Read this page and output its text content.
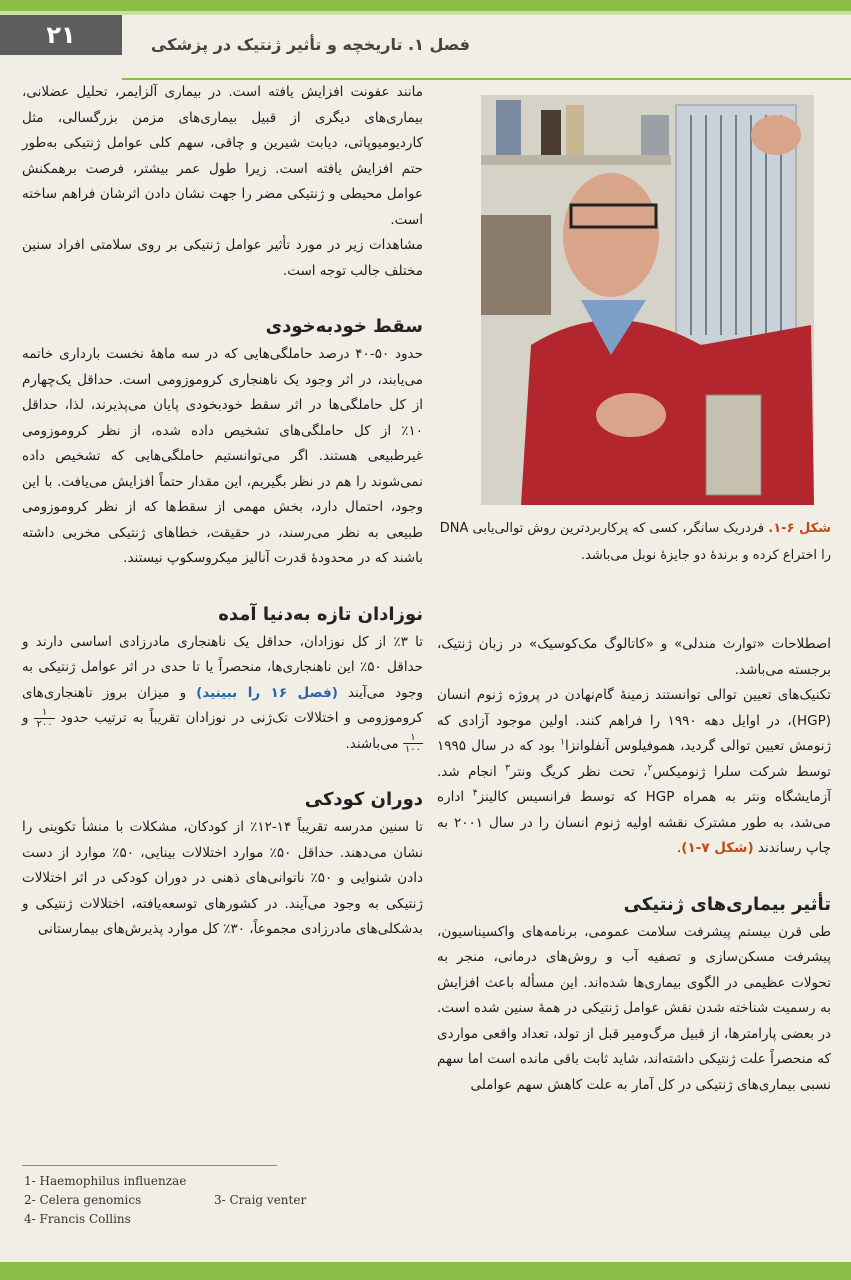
۲۱	فصل ۱. تاریخچه و تأثیر ژنتیک در پزشکی

مانند عفونت افزایش یافته است. در بیماری آلزایمر، تحلیل عضلانی، بیماری‌های دیگری از قبیل بیماری‌های مزمن بزرگسالی، مثل کاردیومیوپاتی، دیابت شیرین و چاقی، سهم کلی عوامل ژنتیکی به‌طور حتم افزایش یافته است. زیرا طول عمر بیشتر، فرصت برهمکنش عوامل محیطی و ژنتیکی مضر را جهت نشان دادن اثرشان فراهم ساخته است.

مشاهدات زیر در مورد تأثیر عوامل ژنتیکی بر روی سلامتی افراد سنین مختلف جالب توجه است.

سقط خودبه‌خودی

حدود ۵۰-۴۰ درصد حاملگی‌هایی که در سه ماههٔ نخست بارداری خاتمه می‌یابند، در اثر وجود یک ناهنجاری کروموزومی است. حداقل یک‌چهارم از کل حاملگی‌ها در اثر سقط خودبخودی پایان می‌پذیرند، لذا، حداقل ۱۰٪ از کل حاملگی‌های تشخیص داده شده، از نظر کروموزومی غیرطبیعی هستند. اگر می‌توانستیم حاملگی‌هایی که تشخیص داده نمی‌شوند را هم در نظر بگیریم، این مقدار حتماً افزایش می‌یافت. با این وجود، احتمال دارد، بخش مهمی از سقط‌ها که از نظر کروموزومی طبیعی به نظر می‌رسند، در حقیقت، خطاهای ژنتیکی مخربی داشته باشند که در محدودهٔ قدرت آنالیز میکروسکوپ نیستند.

نوزادان تازه به‌دنیا آمده

تا ۳٪ از کل نوزادان، حداقل یک ناهنجاری مادرزادی اساسی دارند و حداقل ۵۰٪ این ناهنجاری‌ها، منحصراً یا تا حدی در اثر عوامل ژنتیکی به وجود می‌آیند (فصل ۱۶ را ببینید) و میزان بروز ناهنجاری‌های کروموزومی و اختلالات تک‌ژنی در نوزادان تقریباً به ترتیب حدود
$\frac{۱}{۲۰۰}$
و
$\frac{۱}{۱۰۰}$
می‌باشند.

دوران کودکی

تا سنین مدرسه تقریباً ۱۴-۱۲٪ از کودکان، مشکلات با منشأ تکوینی را نشان می‌دهند. حداقل ۵۰٪ موارد اختلالات بینایی، ۵۰٪ موارد از دست دادن شنوایی و ۵۰٪ ناتوانی‌های ذهنی در دوران کودکی در اثر اختلالات ژنتیکی به وجود می‌آیند. در کشورهای توسعه‌یافته، اختلالات ژنتیکی و بدشکلی‌های مادرزادی مجموعاً، ۳۰٪ کل موارد پذیرش‌های بیمارستانی

شکل ۶-۱. فردریک سانگر، کسی که پرکاربردترین روش توالی‌یابی DNA را اختراع کرده و برندهٔ دو جایزهٔ نوبل می‌باشد.

اصطلاحات «توارث مندلی» و «کاتالوگ مک‌کوسیک» در زبان ژنتیک، برجسته می‌باشد.

تکنیک‌های تعیین توالی توانستند زمینهٔ گام‌نهادن در پروژه ژنوم انسان (HGP)، در اوایل دهه ۱۹۹۰ را فراهم کنند. اولین موجود آزادی که ژنومش تعیین توالی گردید، هموفیلوس آنفلوانزا$^۱$ بود که در سال ۱۹۹۵ توسط شرکت سلرا ژنومیکس$^۲$، تحت نظر کریگ ونتر$^۳$ انجام شد. آزمایشگاه ونتر به همراه HGP که توسط فرانسیس کالینز$^۴$ اداره می‌شد، به طور مشترک نقشه اولیه ژنوم انسان را در سال ۲۰۰۱ به چاپ رساندند (شکل ۷-۱).

تأثیر بیماری‌های ژنتیکی

طی قرن بیستم پیشرفت سلامت عمومی، برنامه‌های واکسیناسیون، پیشرفت مسکن‌سازی و تصفیه آب و روش‌های درمانی، منجر به تحولات عظیمی در الگوی بیماری‌ها شده‌اند. این مسأله باعث افزایش به رسمیت شناخته شدن نقش عوامل ژنتیکی در همهٔ سنین شده است. در بعضی پارامترها، از قبیل مرگ‌ومیر قبل از تولد، تعداد واقعی مواردی که منحصراً علت ژنتیکی داشته‌اند، شاید ثابت باقی مانده است اما سهم نسبی بیماری‌های ژنتیکی در کل آمار به علت کاهش سهم عواملی

1- Haemophilus influenzae
2- Celera genomics	3- Craig venter
4- Francis Collins
